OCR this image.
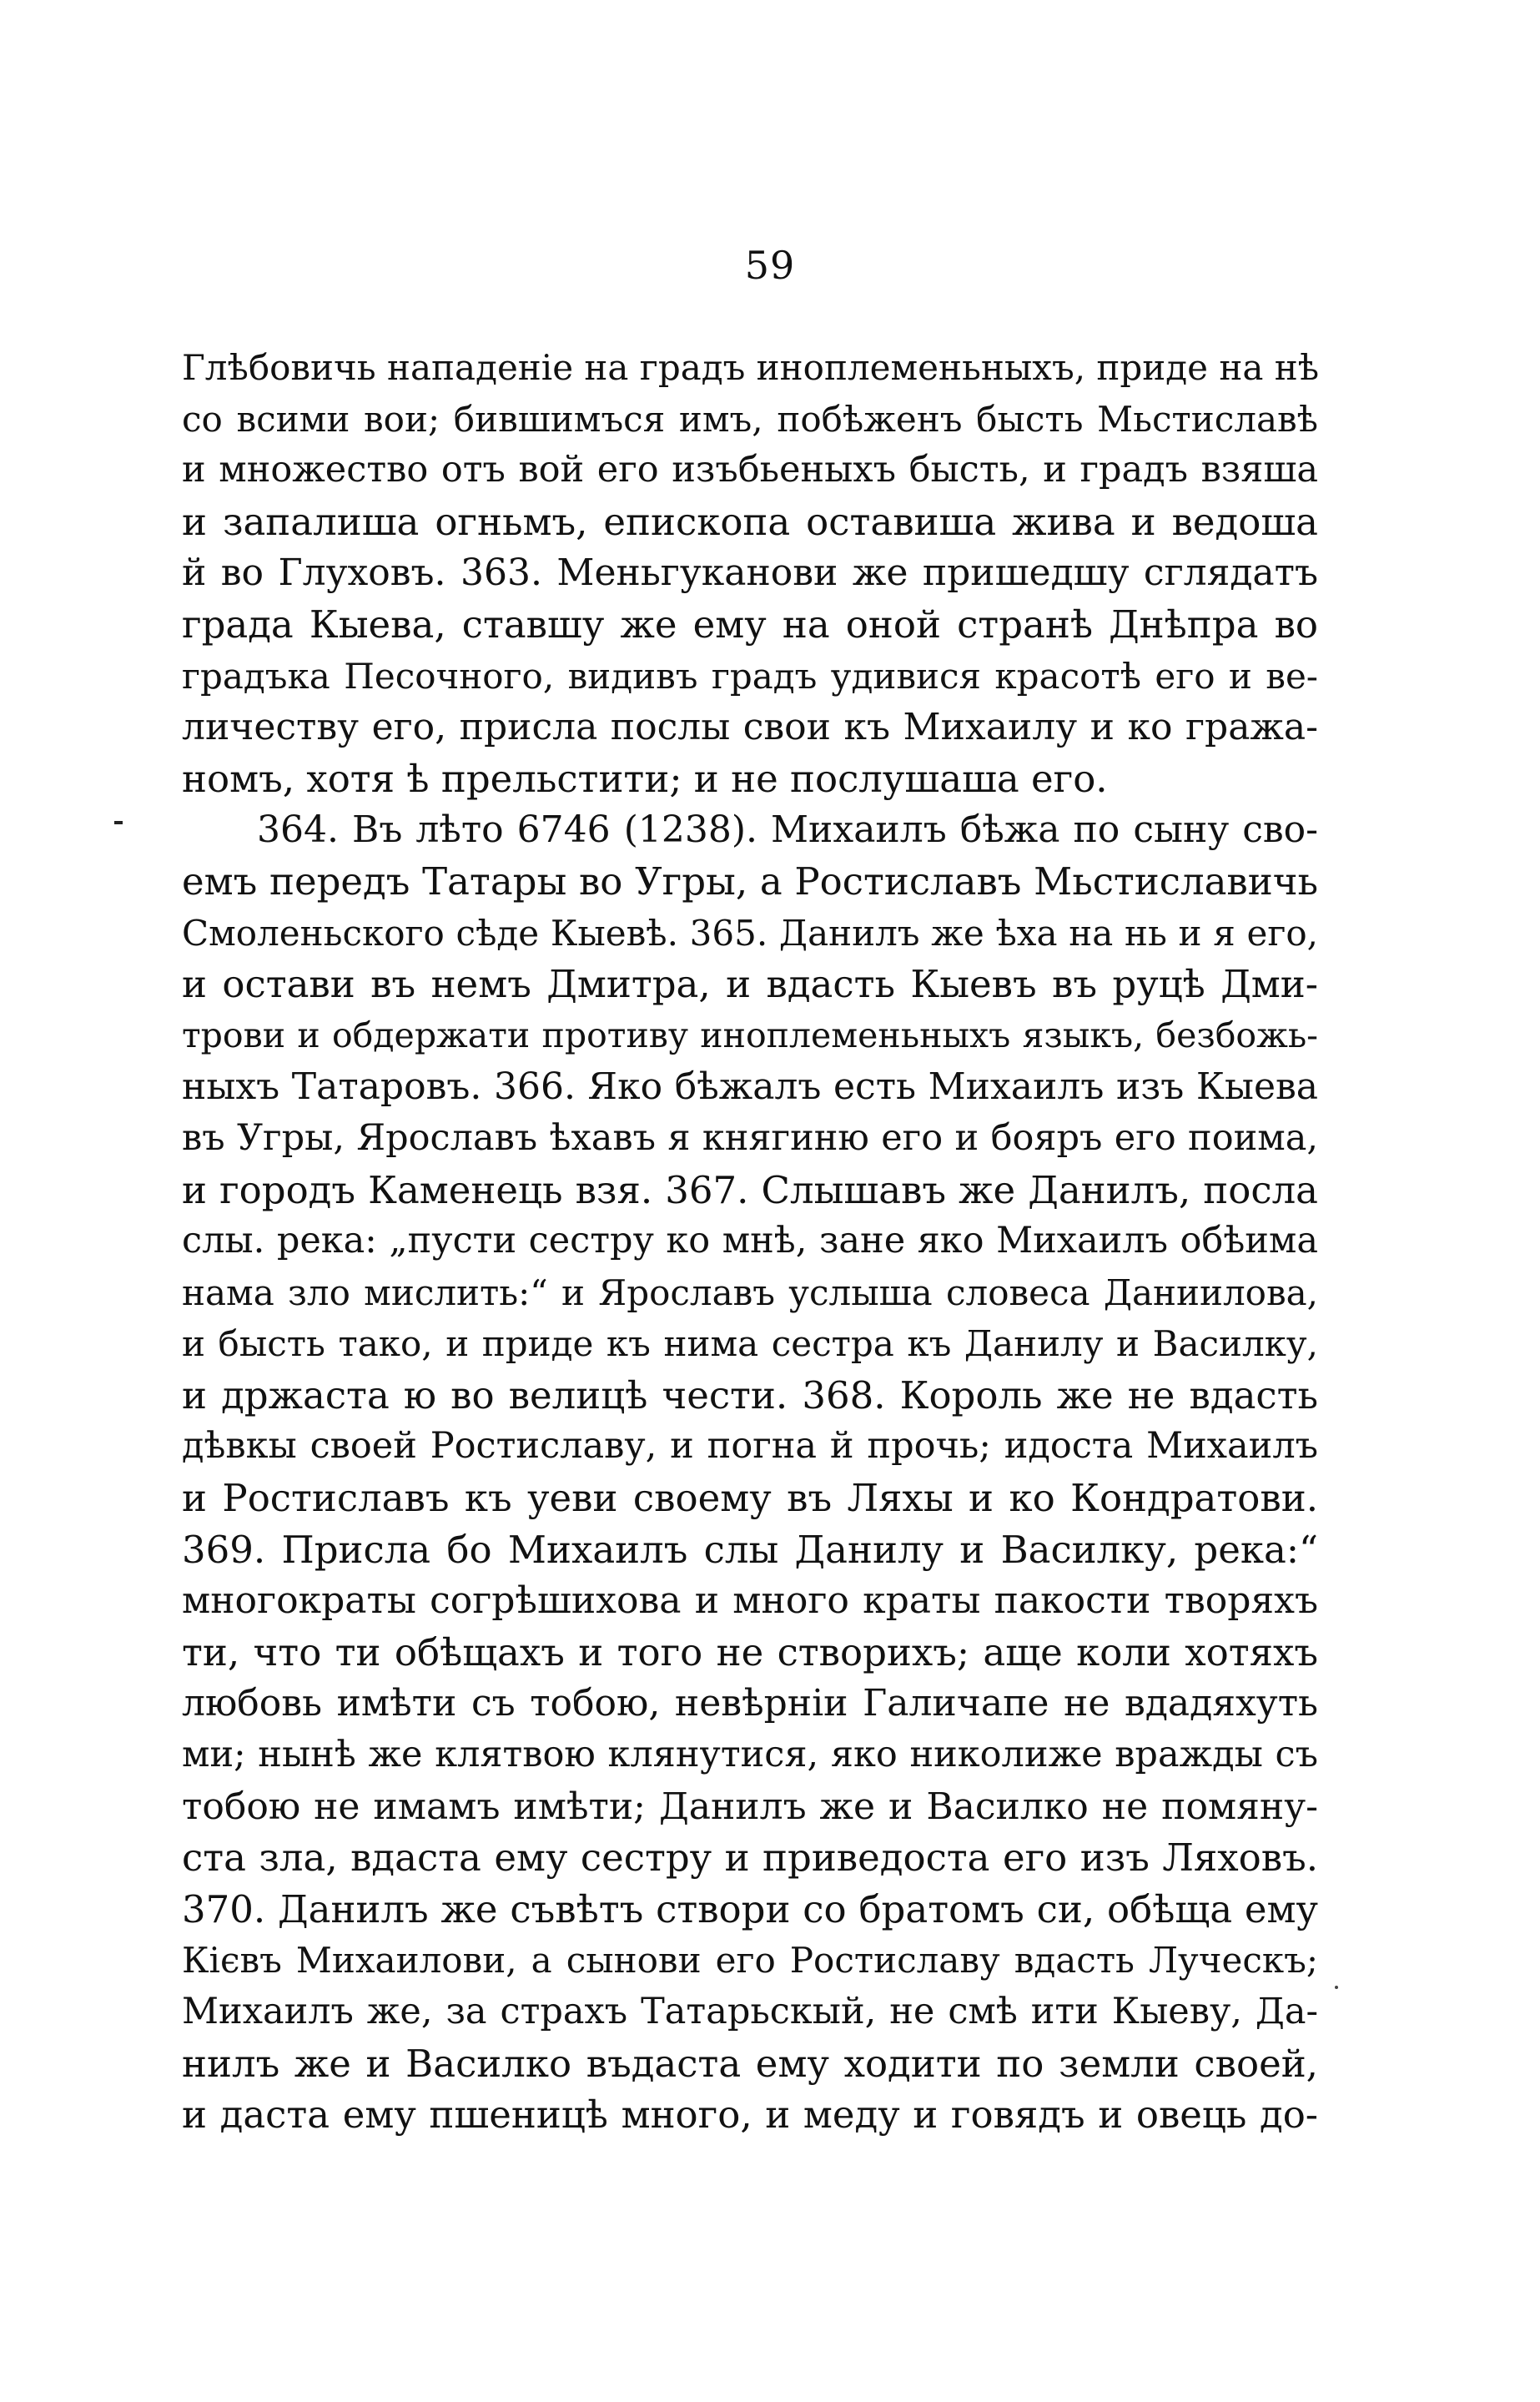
59
Глѣбовичь нападеніе на градъ иноплеменьныхъ, приде на нѣ
со всими вои; бившимъся имъ, побѣженъ бысть Мьстиславѣ
и множество отъ вой его изъбьеныхъ бысть, и градъ взяша
и запалиша огньмъ, епископа оставиша жива и ведоша
й во Глуховъ. 363. Меньгуканови же пришедшу сглядатъ
града Кыева, ставшу же ему на оной странѣ Днѣпра во
градъка Песочного, видивъ градъ удивися красотѣ его и ве-
личеству его, присла послы свои къ Михаилу и ко гража-
номъ, хотя ѣ прельстити; и не послушаша его.
364. Въ лѣто 6746 (1238). Михаилъ бѣжа по сыну сво-
емъ передъ Татары во Угры, а Ростиславъ Мьстиславичь
Смоленьского сѣде Кыевѣ. 365. Данилъ же ѣха на нь и я его,
и остави въ немъ Дмитра, и вдасть Кыевъ въ руцѣ Дми-
трови и обдержати противу иноплеменьныхъ языкъ, безбожь-
ныхъ Татаровъ. 366. Яко бѣжалъ есть Михаилъ изъ Кыева
въ Угры, Ярославъ ѣхавъ я княгиню его и бояръ его поима,
и городъ Каменець взя. 367. Слышавъ же Данилъ, посла
слы. река: „пусти сестру ко мнѣ, зане яко Михаилъ обѣима
нама зло мислить:“ и Ярославъ услыша словеса Даниилова,
и бысть тако, и приде къ нима сестра къ Данилу и Василку,
и држаста ю во велицѣ чести. 368. Король же не вдасть
дѣвкы своей Ростиславу, и погна й прочь; идоста Михаилъ
и Ростиславъ къ уеви своему въ Ляхы и ко Кондратови.
369. Присла бо Михаилъ слы Данилу и Василку, река:“
многократы согрѣшихова и много краты пакости творяхъ
ти, что ти обѣщахъ и того не створихъ; аще коли хотяхъ
любовь имѣти съ тобою, невѣрніи Галичапе не вдадяхуть
ми; нынѣ же клятвою клянутися, яко николиже вражды съ
тобою не имамъ имѣти; Данилъ же и Василко не помяну-
ста зла, вдаста ему сестру и приведоста его изъ Ляховъ.
370. Данилъ же съвѣтъ створи со братомъ си, обѣща ему
Кієвъ Михаилови, а сынови его Ростиславу вдасть Луческъ;
Михаилъ же, за страхъ Татарьскый, не смѣ ити Кыеву, Да-
нилъ же и Василко въдаста ему ходити по земли своей,
и даста ему пшеницѣ много, и меду и говядъ и овець до-
